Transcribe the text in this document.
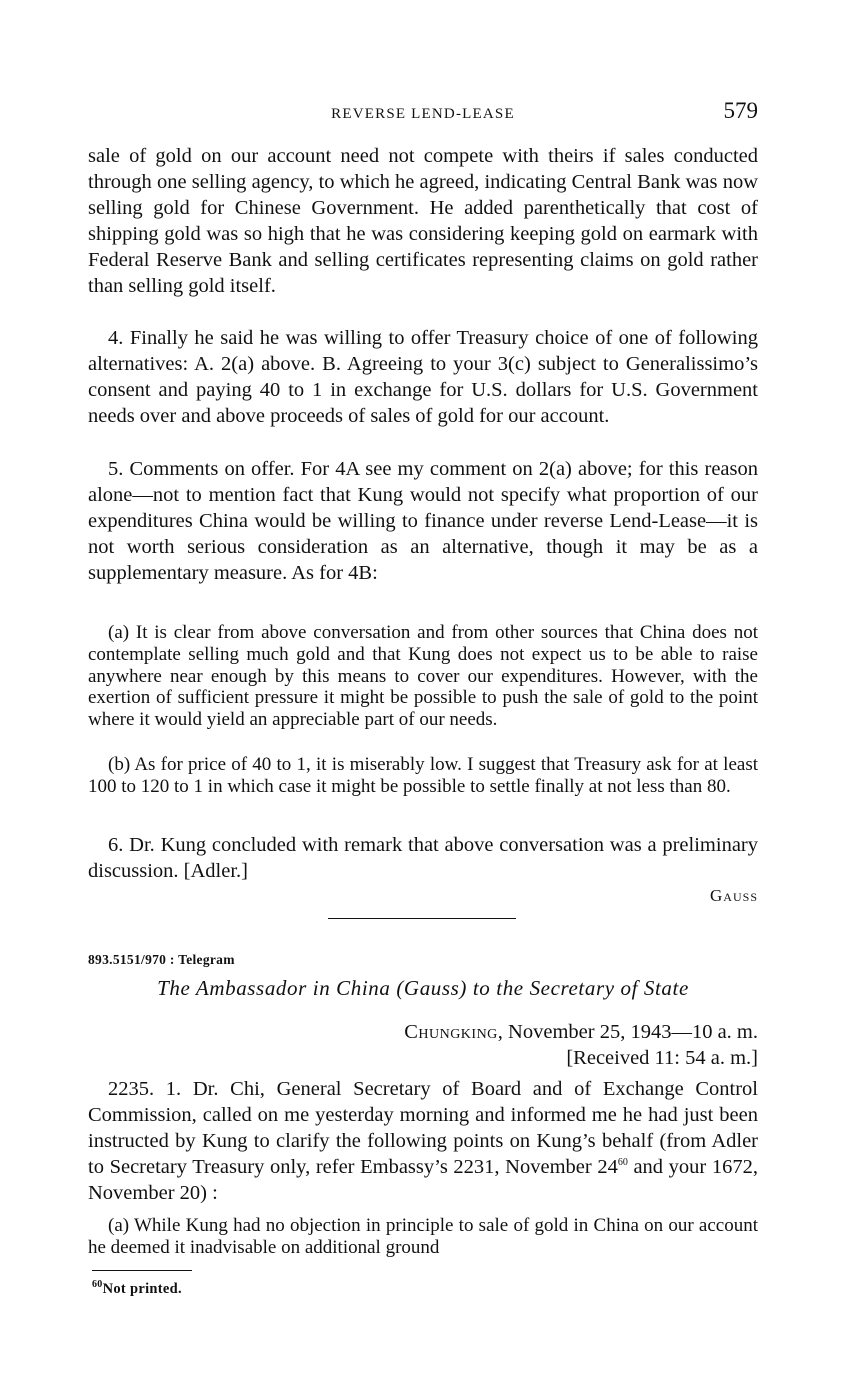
REVERSE LEND-LEASE	579

sale of gold on our account need not compete with theirs if sales conducted through one selling agency, to which he agreed, indicating Central Bank was now selling gold for Chinese Government. He added parenthetically that cost of shipping gold was so high that he was considering keeping gold on earmark with Federal Reserve Bank and selling certificates representing claims on gold rather than selling gold itself.

4. Finally he said he was willing to offer Treasury choice of one of following alternatives: A. 2(a) above. B. Agreeing to your 3(c) subject to Generalissimo’s consent and paying 40 to 1 in exchange for U.S. dollars for U.S. Government needs over and above proceeds of sales of gold for our account.

5. Comments on offer. For 4A see my comment on 2(a) above; for this reason alone—not to mention fact that Kung would not specify what proportion of our expenditures China would be willing to finance under reverse Lend-Lease—it is not worth serious consideration as an alternative, though it may be as a supplementary measure. As for 4B:

(a) It is clear from above conversation and from other sources that China does not contemplate selling much gold and that Kung does not expect us to be able to raise anywhere near enough by this means to cover our expenditures. However, with the exertion of sufficient pressure it might be possible to push the sale of gold to the point where it would yield an appreciable part of our needs.

(b) As for price of 40 to 1, it is miserably low. I suggest that Treasury ask for at least 100 to 120 to 1 in which case it might be possible to settle finally at not less than 80.

6. Dr. Kung concluded with remark that above conversation was a preliminary discussion. [Adler.]

Gauss
893.5151/970 : Telegram
The Ambassador in China (Gauss) to the Secretary of State
Chungking, November 25, 1943—10 a. m.
[Received 11: 54 a. m.]

2235. 1. Dr. Chi, General Secretary of Board and of Exchange Control Commission, called on me yesterday morning and informed me he had just been instructed by Kung to clarify the following points on Kung’s behalf (from Adler to Secretary Treasury only, refer Embassy’s 2231, November $24^{60}$ and your 1672, November 20) :

(a) While Kung had no objection in principle to sale of gold in China on our account he deemed it inadvisable on additional ground

$^{60}$Not printed.
